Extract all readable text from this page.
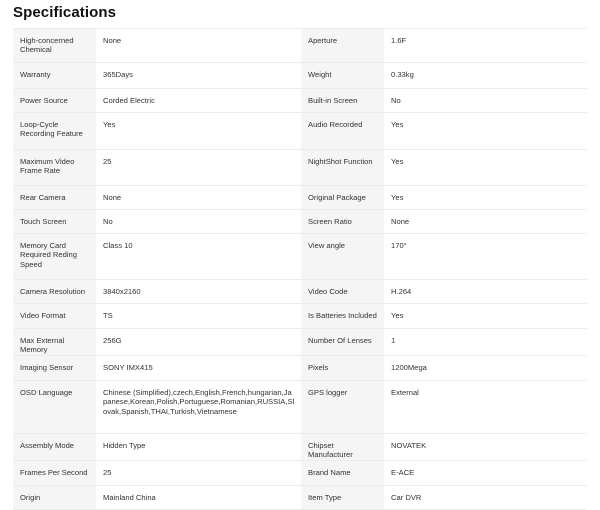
Specifications
High-concerned Chemical	None	Aperture	1.6F
Warranty	365Days	Weight	0.33kg
Power Source	Corded Electric	Built-in Screen	No
Loop-Cycle Recording Feature	Yes	Audio Recorded	Yes
Maximum Video Frame Rate	25	NightShot Function	Yes
Rear Camera	None	Original Package	Yes
Touch Screen	No	Screen Ratio	None
Memory Card Required Reding Speed	Class 10	View angle	170°
Camera Resolution	3840x2160	Video Code	H.264
Video Format	TS	Is Batteries Included	Yes
Max External Memory	256G	Number Of Lenses	1
Imaging Sensor	SONY IMX415	Pixels	1200Mega
OSD Language	Chinese (Simplified),czech,English,French,hungarian,Japanese,Korean,Polish,Portuguese,Romanian,RUSSIA,Slovak,Spanish,THAI,Turkish,Vietnamese	GPS logger	External
Assembly Mode	Hidden Type	Chipset Manufacturer	NOVATEK
Frames Per Second	25	Brand Name	E-ACE
Origin	Mainland China	Item Type	Car DVR
